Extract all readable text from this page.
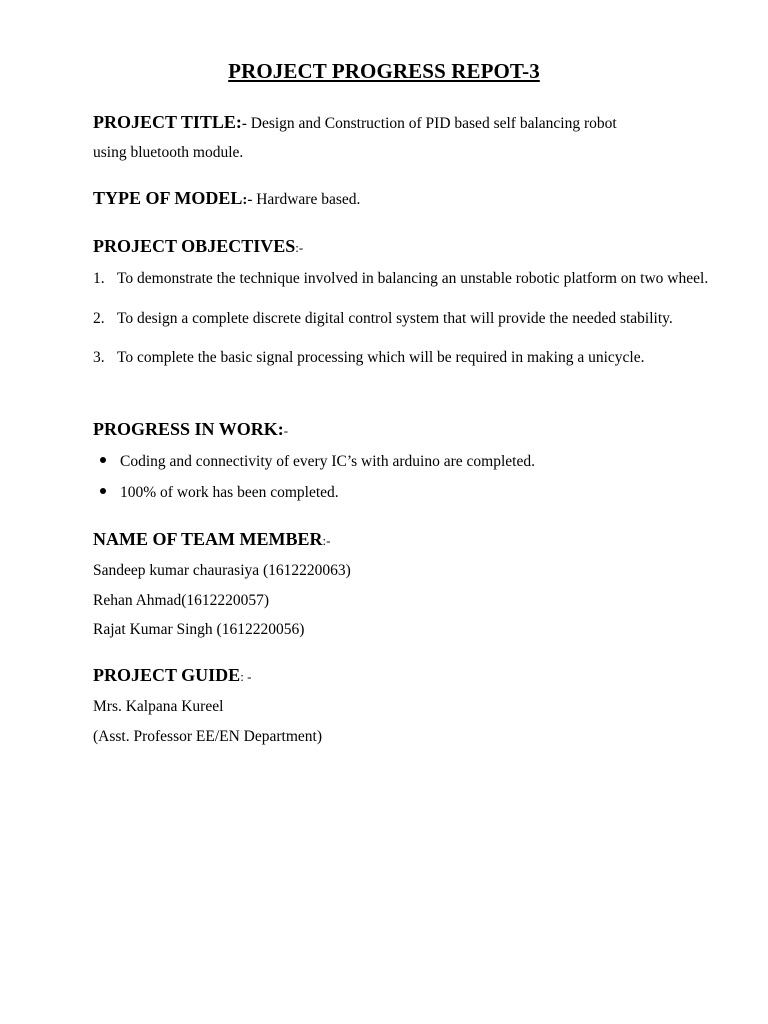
PROJECT PROGRESS REPOT-3
PROJECT TITLE:- Design and Construction of PID based self balancing robot
using bluetooth module.
TYPE OF MODEL:- Hardware based.
PROJECT OBJECTIVES:-
1. To demonstrate the technique involved in balancing an unstable robotic platform on two wheel.
2. To design a complete discrete digital control system that will provide the needed stability.
3. To complete the basic signal processing which will be required in making a unicycle.
PROGRESS IN WORK:-
Coding and connectivity of every IC’s with arduino are completed.
100% of work has been completed.
NAME OF TEAM MEMBER:-
Sandeep kumar chaurasiya (1612220063)
Rehan Ahmad(1612220057)
Rajat Kumar Singh (1612220056)
PROJECT GUIDE: -
Mrs. Kalpana Kureel
(Asst. Professor EE/EN Department)
